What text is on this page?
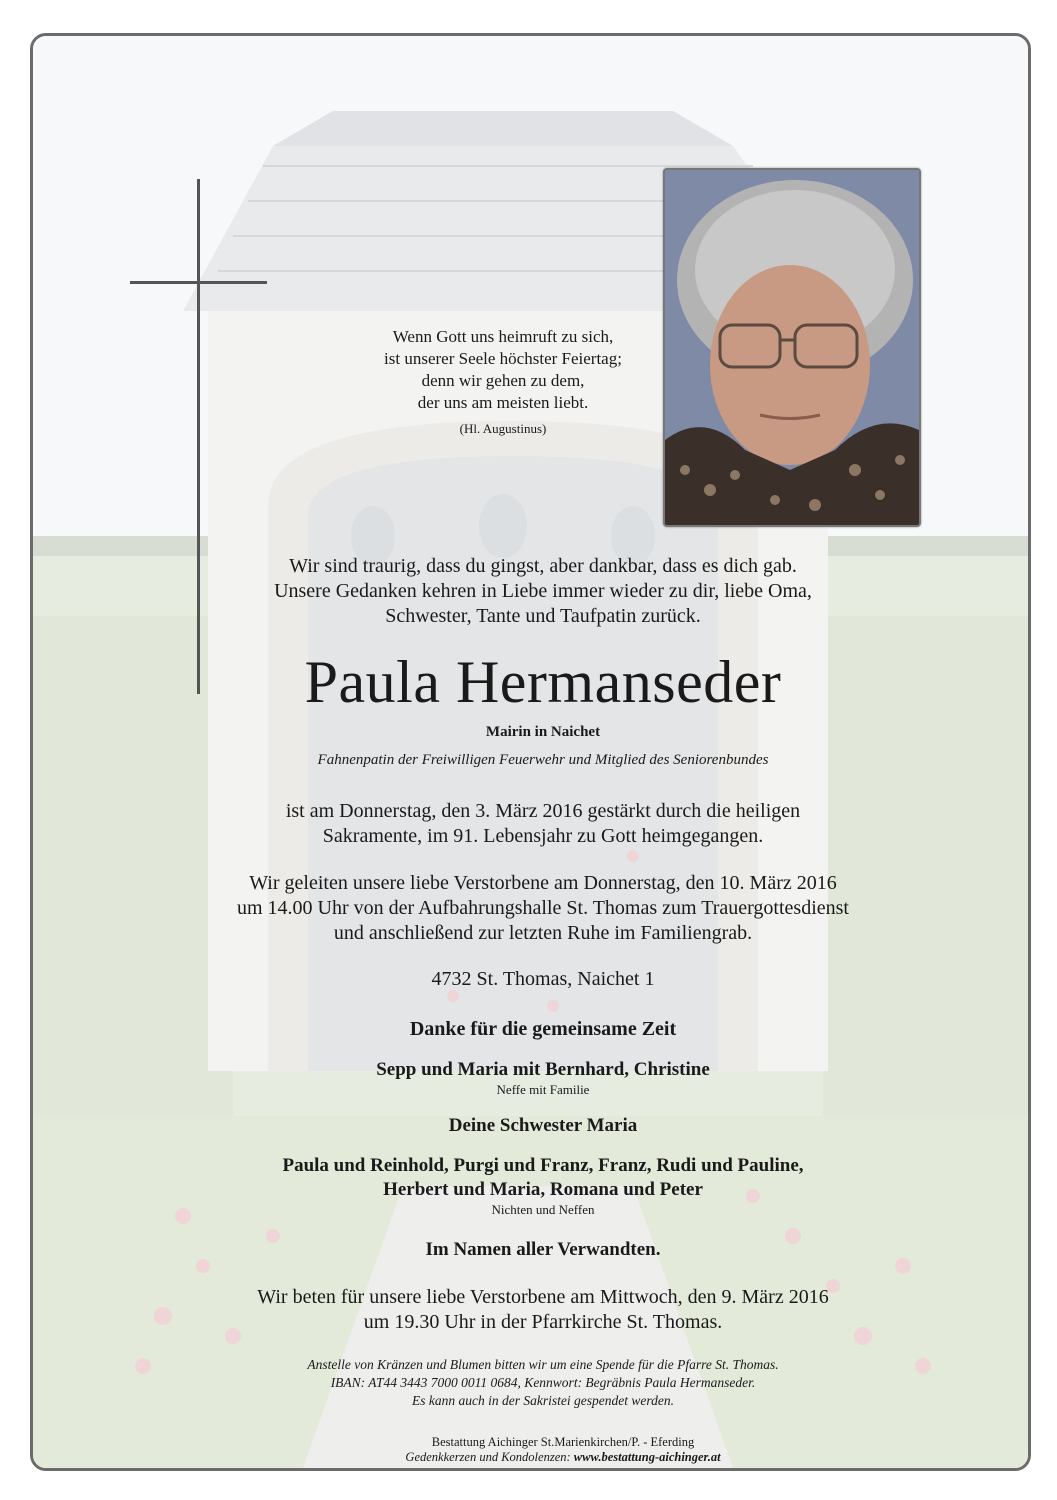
Wenn Gott uns heimruft zu sich,

ist unserer Seele höchster Feiertag;

denn wir gehen zu dem,

der uns am meisten liebt.

(Hl. Augustinus)

Wir sind traurig, dass du gingst, aber dankbar, dass es dich gab.

Unsere Gedanken kehren in Liebe immer wieder zu dir, liebe Oma,

Schwester, Tante und Taufpatin zurück.

Paula Hermanseder
Mairin in Naichet
Fahnenpatin der Freiwilligen Feuerwehr und Mitglied des Seniorenbundes

ist am Donnerstag, den 3. März 2016 gestärkt durch die heiligen

Sakramente, im 91. Lebensjahr zu Gott heimgegangen.

Wir geleiten unsere liebe Verstorbene am Donnerstag, den 10. März 2016

um 14.00 Uhr von der Aufbahrungshalle St. Thomas zum Trauergottesdienst

und anschließend zur letzten Ruhe im Familiengrab.

4732 St. Thomas, Naichet 1
Danke für die gemeinsame Zeit
Sepp und Maria mit Bernhard, Christine
Neffe mit Familie
Deine Schwester Maria
Paula und Reinhold, Purgi und Franz, Franz, Rudi und Pauline,
Herbert und Maria, Romana und Peter
Nichten und Neffen
Im Namen aller Verwandten.

Wir beten für unsere liebe Verstorbene am Mittwoch, den 9. März 2016

um 19.30 Uhr in der Pfarrkirche St. Thomas.

Anstelle von Kränzen und Blumen bitten wir um eine Spende für die Pfarre St. Thomas.

IBAN: AT44 3443 7000 0011 0684, Kennwort: Begräbnis Paula Hermanseder.

Es kann auch in der Sakristei gespendet werden.

Bestattung Aichinger St.Marienkirchen/P. - Eferding

Gedenkkerzen und Kondolenzen: www.bestattung-aichinger.at
